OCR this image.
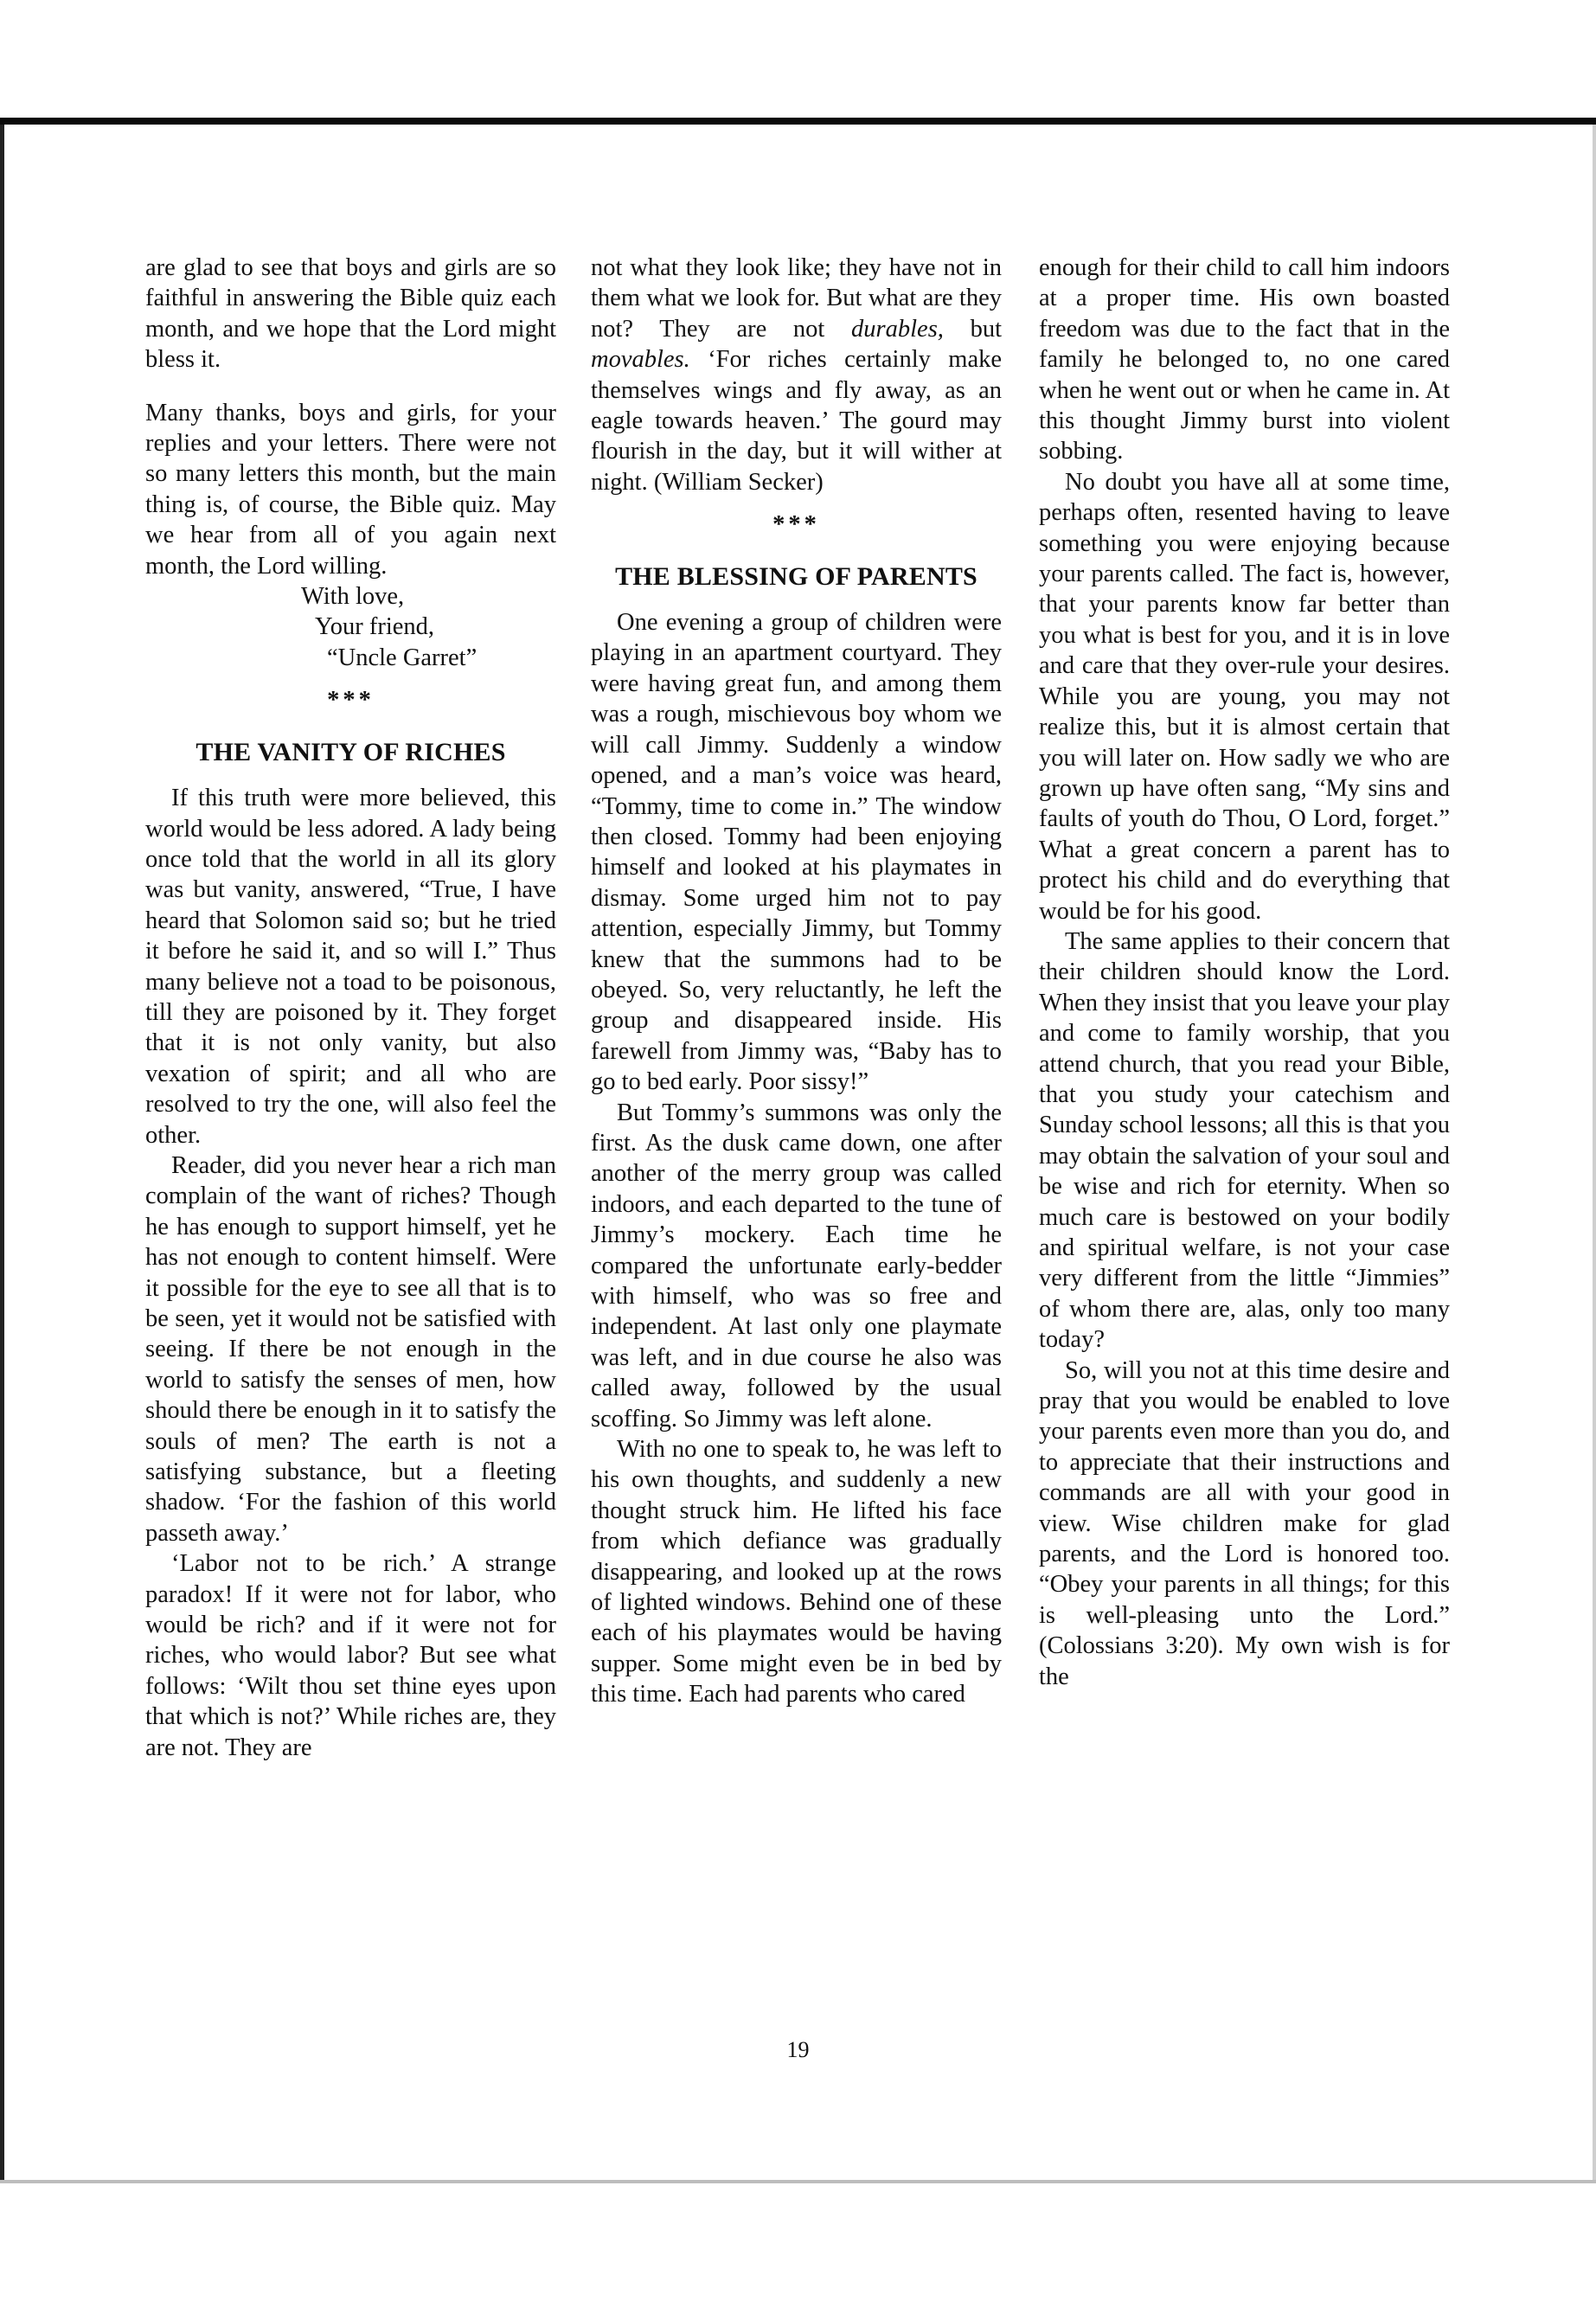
are glad to see that boys and girls are so faithful in answering the Bible quiz each month, and we hope that the Lord might bless it.

Many thanks, boys and girls, for your replies and your letters. There were not so many letters this month, but the main thing is, of course, the Bible quiz. May we hear from all of you again next month, the Lord willing.

With love,

Your friend,

“Uncle Garret”

***

THE VANITY OF RICHES

If this truth were more believed, this world would be less adored. A lady being once told that the world in all its glory was but vanity, answered, “True, I have heard that Solomon said so; but he tried it before he said it, and so will I.” Thus many believe not a toad to be poisonous, till they are poisoned by it. They forget that it is not only vanity, but also vexation of spirit; and all who are resolved to try the one, will also feel the other.

Reader, did you never hear a rich man complain of the want of riches? Though he has enough to support himself, yet he has not enough to content himself. Were it possible for the eye to see all that is to be seen, yet it would not be satisfied with seeing. If there be not enough in the world to satisfy the senses of men, how should there be enough in it to satisfy the souls of men? The earth is not a satisfying substance, but a fleeting shadow. ‘For the fashion of this world passeth away.’

‘Labor not to be rich.’ A strange paradox! If it were not for labor, who would be rich? and if it were not for riches, who would labor? But see what follows: ‘Wilt thou set thine eyes upon that which is not?’ While riches are, they are not. They are

not what they look like; they have not in them what we look for. But what are they not? They are not durables, but movables. ‘For riches certainly make themselves wings and fly away, as an eagle towards heaven.’ The gourd may flourish in the day, but it will wither at night. (William Secker)

***

THE BLESSING OF PARENTS

One evening a group of children were playing in an apartment courtyard. They were having great fun, and among them was a rough, mischievous boy whom we will call Jimmy. Suddenly a window opened, and a man’s voice was heard, “Tommy, time to come in.” The window then closed. Tommy had been enjoying himself and looked at his playmates in dismay. Some urged him not to pay attention, especially Jimmy, but Tommy knew that the summons had to be obeyed. So, very reluctantly, he left the group and disappeared inside. His farewell from Jimmy was, “Baby has to go to bed early. Poor sissy!”

But Tommy’s summons was only the first. As the dusk came down, one after another of the merry group was called indoors, and each departed to the tune of Jimmy’s mockery. Each time he compared the unfortunate early-bedder with himself, who was so free and independent. At last only one playmate was left, and in due course he also was called away, followed by the usual scoffing. So Jimmy was left alone.

With no one to speak to, he was left to his own thoughts, and suddenly a new thought struck him. He lifted his face from which defiance was gradually disappearing, and looked up at the rows of lighted windows. Behind one of these each of his playmates would be having supper. Some might even be in bed by this time. Each had parents who cared

enough for their child to call him indoors at a proper time. His own boasted freedom was due to the fact that in the family he belonged to, no one cared when he went out or when he came in. At this thought Jimmy burst into violent sobbing.

No doubt you have all at some time, perhaps often, resented having to leave something you were enjoying because your parents called. The fact is, however, that your parents know far better than you what is best for you, and it is in love and care that they over-rule your desires. While you are young, you may not realize this, but it is almost certain that you will later on. How sadly we who are grown up have often sang, “My sins and faults of youth do Thou, O Lord, forget.” What a great concern a parent has to protect his child and do everything that would be for his good.

The same applies to their concern that their children should know the Lord. When they insist that you leave your play and come to family worship, that you attend church, that you read your Bible, that you study your catechism and Sunday school lessons; all this is that you may obtain the salvation of your soul and be wise and rich for eternity. When so much care is bestowed on your bodily and spiritual welfare, is not your case very different from the little “Jimmies” of whom there are, alas, only too many today?

So, will you not at this time desire and pray that you would be enabled to love your parents even more than you do, and to appreciate that their instructions and commands are all with your good in view. Wise children make for glad parents, and the Lord is honored too. “Obey your parents in all things; for this is well-pleasing unto the Lord.” (Colossians 3:20). My own wish is for the

19
